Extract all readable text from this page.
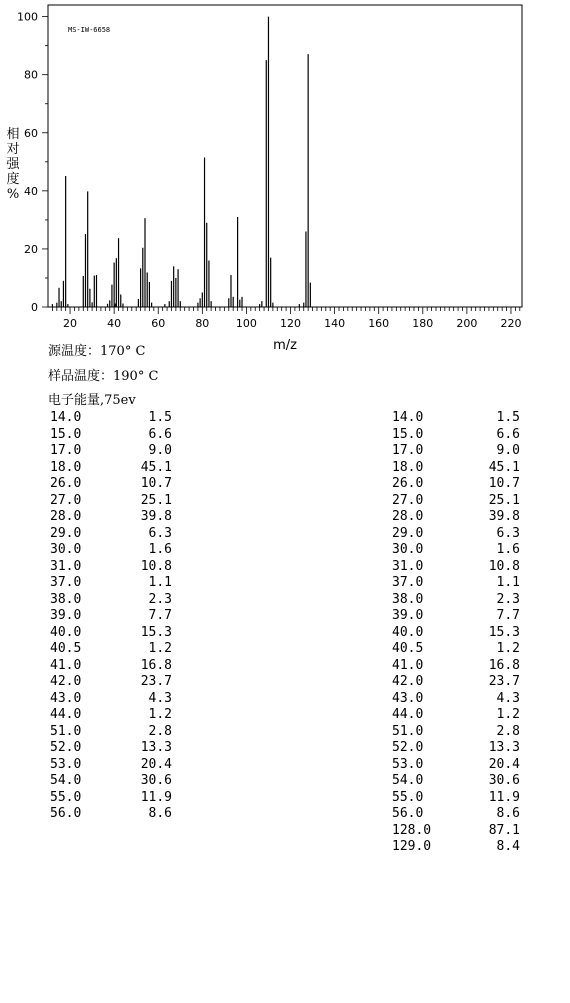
20	40	60	80 100 120 140 160 180 200 220
0
20
40
60
80
100
MS-IW-6658
m/z
相
对
强
度
%
源温度：170° C
样品温度：190° C
电子能量,75ev
14.0	1.5
15.0	6.6
17.0	9.0
18.0	45.1
26.0	10.7
27.0	25.1
28.0	39.8
29.0	6.3
30.0	1.6
31.0	10.8
37.0	1.1
38.0	2.3
39.0	7.7
40.0	15.3
40.5	1.2
41.0	16.8
42.0	23.7
43.0	4.3
44.0	1.2
51.0	2.8
52.0	13.3
53.0	20.4
54.0	30.6
55.0	11.9
56.0	8.6
14.0	1.5
15.0	6.6
17.0	9.0
18.0	45.1
26.0	10.7
27.0	25.1
28.0	39.8
29.0	6.3
30.0	1.6
31.0	10.8
37.0	1.1
38.0	2.3
39.0	7.7
40.0	15.3
40.5	1.2
41.0	16.8
42.0	23.7
43.0	4.3
44.0	1.2
51.0	2.8
52.0	13.3
53.0	20.4
54.0	30.6
55.0	11.9
56.0	8.6
128.0	87.1
129.0	8.4
